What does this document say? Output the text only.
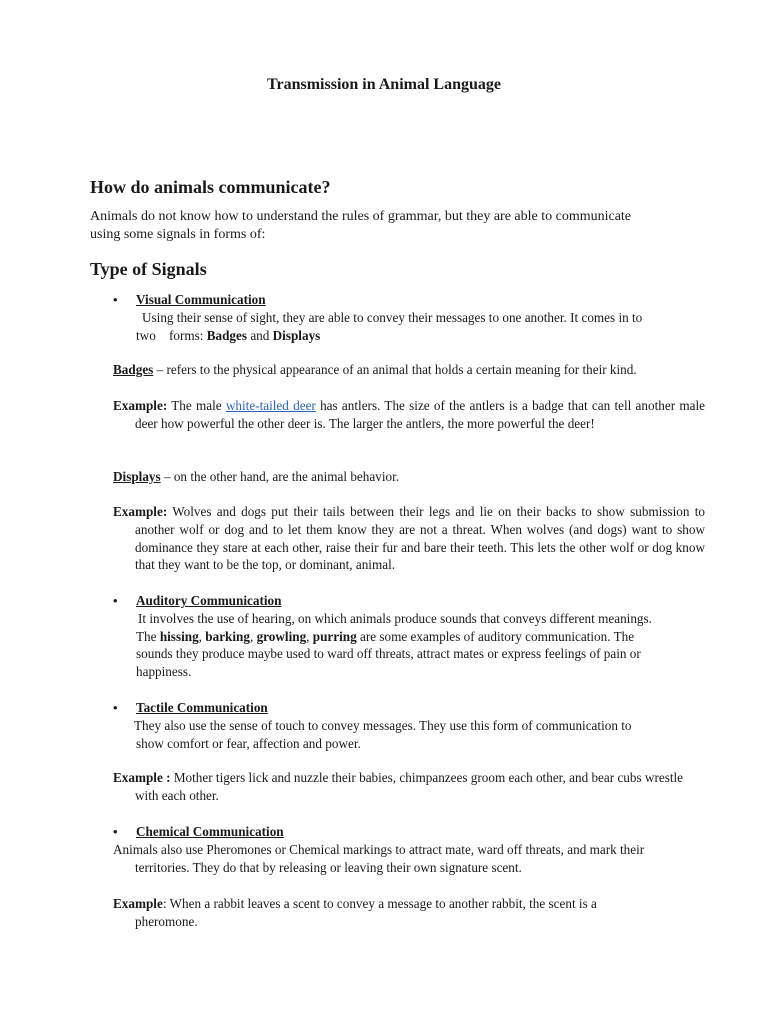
Transmission in Animal Language
How do animals communicate?
Animals do not know how to understand the rules of grammar, but they are able to communicate
using some signals in forms of:
Type of Signals
• Visual Communication
Using their sense of sight, they are able to convey their messages to one another. It comes in to
two    forms: Badges and Displays
Badges – refers to the physical appearance of an animal that holds a certain meaning for their kind.
Example: The male white-tailed deer has antlers. The size of the antlers is a badge that can tell another male deer how powerful the other deer is. The larger the antlers, the more powerful the deer!
Displays – on the other hand, are the animal behavior.
Example: Wolves and dogs put their tails between their legs and lie on their backs to show submission to another wolf or dog and to let them know they are not a threat. When wolves (and dogs) want to show dominance they stare at each other, raise their fur and bare their teeth. This lets the other wolf or dog know that they want to be the top, or dominant, animal.
• Auditory Communication
It involves the use of hearing, on which animals produce sounds that conveys different meanings.
The hissing, barking, growling, purring are some examples of auditory communication. The
sounds they produce maybe used to ward off threats, attract mates or express feelings of pain or
happiness.
• Tactile Communication
They also use the sense of touch to convey messages. They use this form of communication to
show comfort or fear, affection and power.
Example : Mother tigers lick and nuzzle their babies, chimpanzees groom each other, and bear cubs wrestle with each other.
• Chemical Communication
Animals also use Pheromones or Chemical markings to attract mate, ward off threats, and mark their
territories. They do that by releasing or leaving their own signature scent.
Example: When a rabbit leaves a scent to convey a message to another rabbit, the scent is a
pheromone.
